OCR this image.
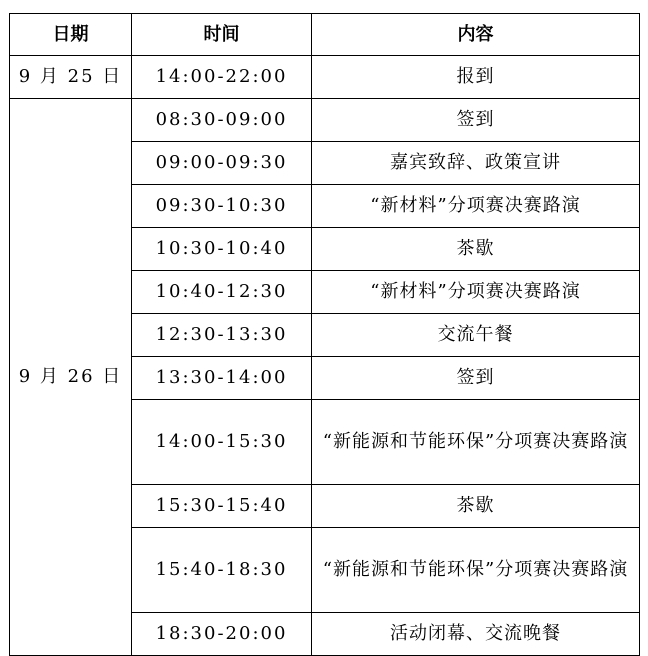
日期	时间	内容
9 月 25 日	14:00-22:00	报到
9 月 26 日	08:30-09:00	签到
	09:00-09:30	嘉宾致辞、政策宣讲
	09:30-10:30	“新材料”分项赛决赛路演
	10:30-10:40	茶歇
	10:40-12:30	“新材料”分项赛决赛路演
	12:30-13:30	交流午餐
	13:30-14:00	签到
	14:00-15:30	“新能源和节能环保”分项赛决赛路演
	15:30-15:40	茶歇
	15:40-18:30	“新能源和节能环保”分项赛决赛路演
	18:30-20:00	活动闭幕、交流晚餐
